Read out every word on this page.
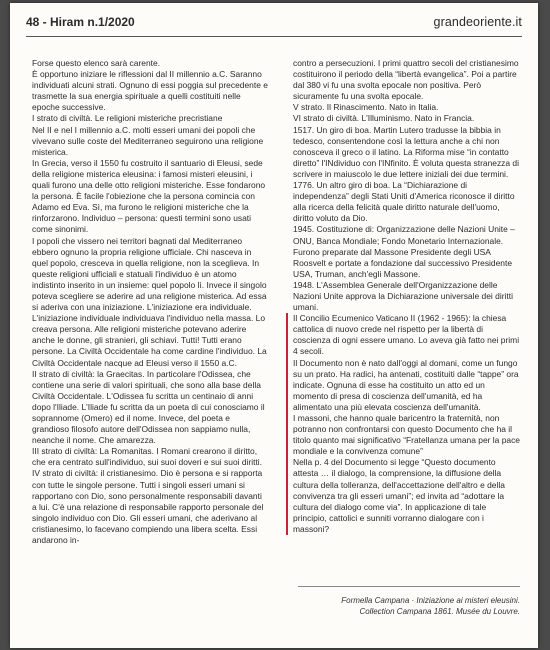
48 - Hiram n.1/2020	grandeoriente.it

Forse questo elenco sarà carente.

È opportuno iniziare le riflessioni dal II millennio a.C. Saranno individuati alcuni strati. Ognuno di essi poggia sul precedente e trasmette la sua energia spirituale a quelli costituiti nelle epoche successive.

I strato di civiltà. Le religioni misteriche precristiane

Nel II e nel I millennio a.C. molti esseri umani dei popoli che vivevano sulle coste del Mediterraneo seguirono una religione misterica.

In Grecia, verso il 1550 fu costruito il santuario di Eleusi, sede della religione misterica eleusina: i famosi misteri eleusini, i quali furono una delle otto religioni misteriche. Esse fondarono la persona. È facile l'obiezione che la persona comincia con Adamo ed Eva. Sì, ma furono le religioni misteriche che la rinforzarono. Individuo – persona: questi termini sono usati come sinonimi.

I popoli che vissero nei territori bagnati dal Mediterraneo ebbero ognuno la propria religione ufficiale. Chi nasceva in quel popolo, cresceva in quella religione, non la sceglieva. In queste religioni ufficiali e statuali l'individuo è un atomo indistinto inserito in un insieme: quel popolo lì. Invece il singolo poteva scegliere se aderire ad una religione misterica. Ad essa si aderiva con una iniziazione. L'iniziazione era individuale. L'iniziazione individuale individuava l'individuo nella massa. Lo creava persona. Alle religioni misteriche potevano aderire anche le donne, gli stranieri, gli schiavi. Tutti! Tutti erano persone. La Civiltà Occidentale ha come cardine l'individuo. La Civiltà Occidentale nacque ad Eleusi verso il 1550 a.C.

II strato di civiltà: la Graecitas. In particolare l'Odissea, che contiene una serie di valori spirituali, che sono alla base della Civiltà Occidentale. L'Odissea fu scritta un centinaio di anni dopo l'Iliade. L'Iliade fu scritta da un poeta di cui conosciamo il soprannome (Omero) ed il nome. Invece, del poeta e grandioso filosofo autore dell'Odissea non sappiamo nulla, neanche il nome. Che amarezza.

III strato di civiltà: La Romanitas. I Romani crearono il diritto, che era centrato sull'individuo, sui suoi doveri e sui suoi diritti.

IV strato di civiltà: il cristianesimo. Dio è persona e si rapporta con tutte le singole persone. Tutti i singoli esseri umani si rapportano con Dio, sono personalmente responsabili davanti a lui. C'è una relazione di responsabile rapporto personale del singolo individuo con Dio. Gli esseri umani, che aderivano al cristianesimo, lo facevano compiendo una libera scelta. Essi andarono in-

contro a persecuzioni. I primi quattro secoli del cristianesimo costituirono il periodo della “libertà evangelica”. Poi a partire dal 380 vi fu una svolta epocale non positiva. Però sicuramente fu una svolta epocale.

V strato. Il Rinascimento. Nato in Italia.

VI strato di civiltà. L'Illuminismo. Nato in Francia.

1517. Un giro di boa. Martin Lutero tradusse la bibbia in tedesco, consentendone così la lettura anche a chi non conosceva il greco o il latino. La Riforma mise “in contatto diretto” l'INdividuo con l'INfinito. È voluta questa stranezza di scrivere in maiuscolo le due lettere iniziali dei due termini.

1776. Un altro giro di boa. La “Dichiarazione di independenza” degli Stati Uniti d'America riconosce il diritto alla ricerca della felicità quale diritto naturale dell'uomo, diritto voluto da Dio.

1945. Costituzione di: Organizzazione delle Nazioni Unite – ONU, Banca Mondiale; Fondo Monetario Internazionale. Furono preparate dal Massone Presidente degli USA Roosvelt e portate a fondazione dal successivo Presidente USA, Truman, anch'egli Massone.

1948. L'Assemblea Generale dell'Organizzazione delle Nazioni Unite approva la Dichiarazione universale dei diritti umani.

Il Concilio Ecumenico Vaticano II (1962 - 1965): la chiesa cattolica di nuovo crede nel rispetto per la libertà di coscienza di ogni essere umano. Lo aveva già fatto nei primi 4 secoli.

Il Documento non è nato dall'oggi al domani, come un fungo su un prato. Ha radici, ha antenati, costituiti dalle “tappe” ora indicate. Ognuna di esse ha costituito un atto ed un momento di presa di coscienza dell'umanità, ed ha alimentato una più elevata coscienza dell'umanità.

I massoni, che hanno quale baricentro la fraternità, non potranno non confrontarsi con questo Documento che ha il titolo quanto mai significativo “Fratellanza umana per la pace mondiale e la convivenza comune”

Nella p. 4 del Documento si legge “Questo documento attesta … il dialogo, la comprensione, la diffusione della cultura della tolleranza, dell'accettazione dell'altro e della convivenza tra gli esseri umani”; ed invita ad “adottare la cultura del dialogo come via”. In applicazione di tale principio, cattolici e sunniti vorranno dialogare con i massoni?

Formella Campana · Iniziazione ai misteri eleusini.
Collection Campana 1861. Musée du Louvre.
